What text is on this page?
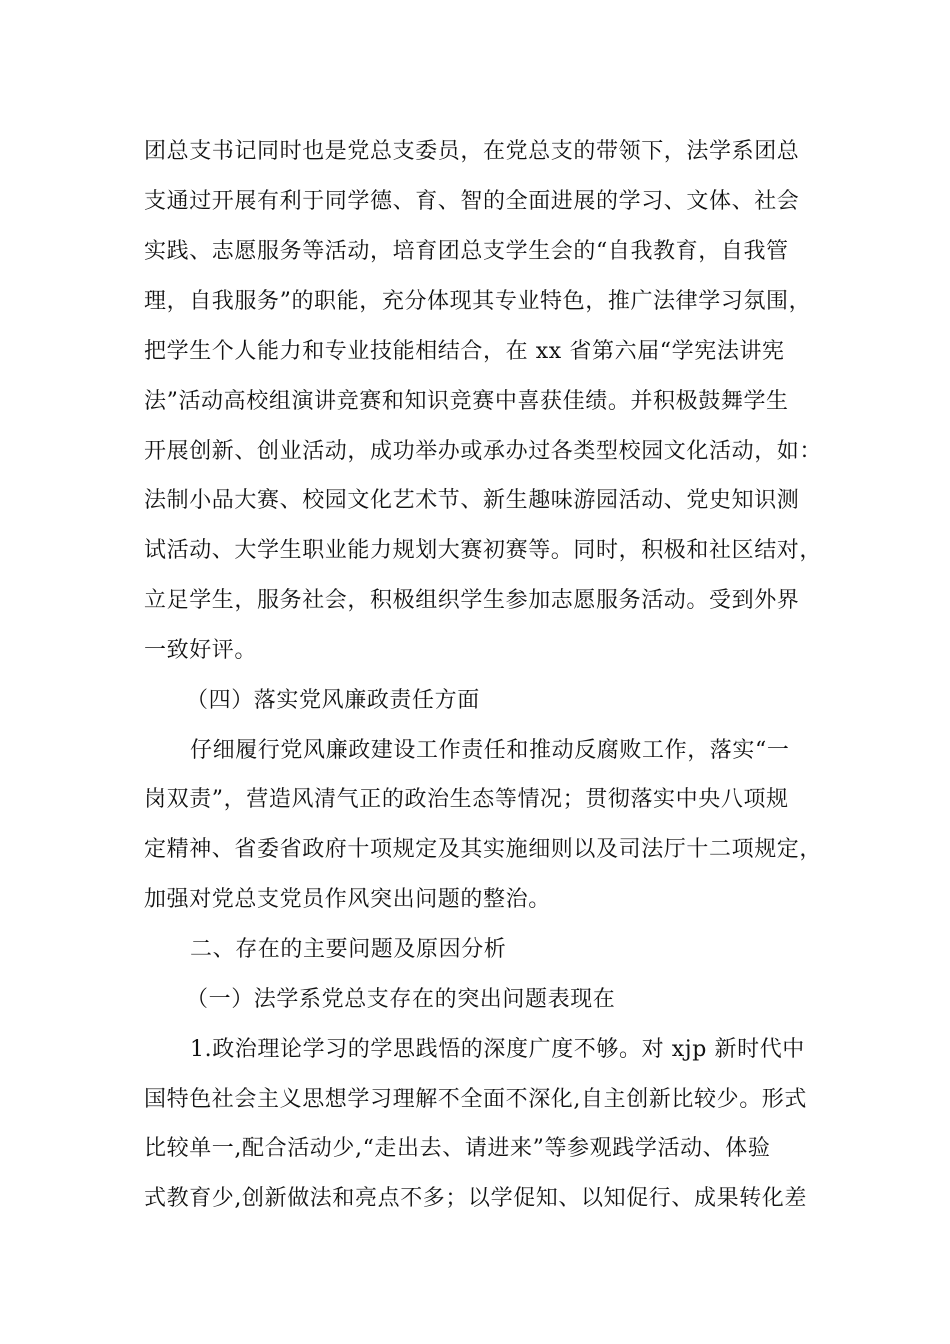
团总支书记同时也是党总支委员，在党总支的带领下，法学系团总
支通过开展有利于同学德、育、智的全面进展的学习、文体、社会
实践、志愿服务等活动，培育团总支学生会的“自我教育，自我管
理，自我服务”的职能，充分体现其专业特色，推广法律学习氛围，
把学生个人能力和专业技能相结合，在 xx 省第六届“学宪法讲宪
法”活动高校组演讲竞赛和知识竞赛中喜获佳绩。并积极鼓舞学生
开展创新、创业活动，成功举办或承办过各类型校园文化活动，如：
法制小品大赛、校园文化艺术节、新生趣味游园活动、党史知识测
试活动、大学生职业能力规划大赛初赛等。同时，积极和社区结对，
立足学生，服务社会，积极组织学生参加志愿服务活动。受到外界
一致好评。
（四）落实党风廉政责任方面
仔细履行党风廉政建设工作责任和推动反腐败工作，落实“一
岗双责”，营造风清气正的政治生态等情况；贯彻落实中央八项规
定精神、省委省政府十项规定及其实施细则以及司法厅十二项规定，
加强对党总支党员作风突出问题的整治。
二、存在的主要问题及原因分析
（一）法学系党总支存在的突出问题表现在
1.政治理论学习的学思践悟的深度广度不够。对 xjp 新时代中
国特色社会主义思想学习理解不全面不深化,自主创新比较少。形式
比较单一,配合活动少,“走出去、请进来”等参观践学活动、体验
式教育少,创新做法和亮点不多；以学促知、以知促行、成果转化差
